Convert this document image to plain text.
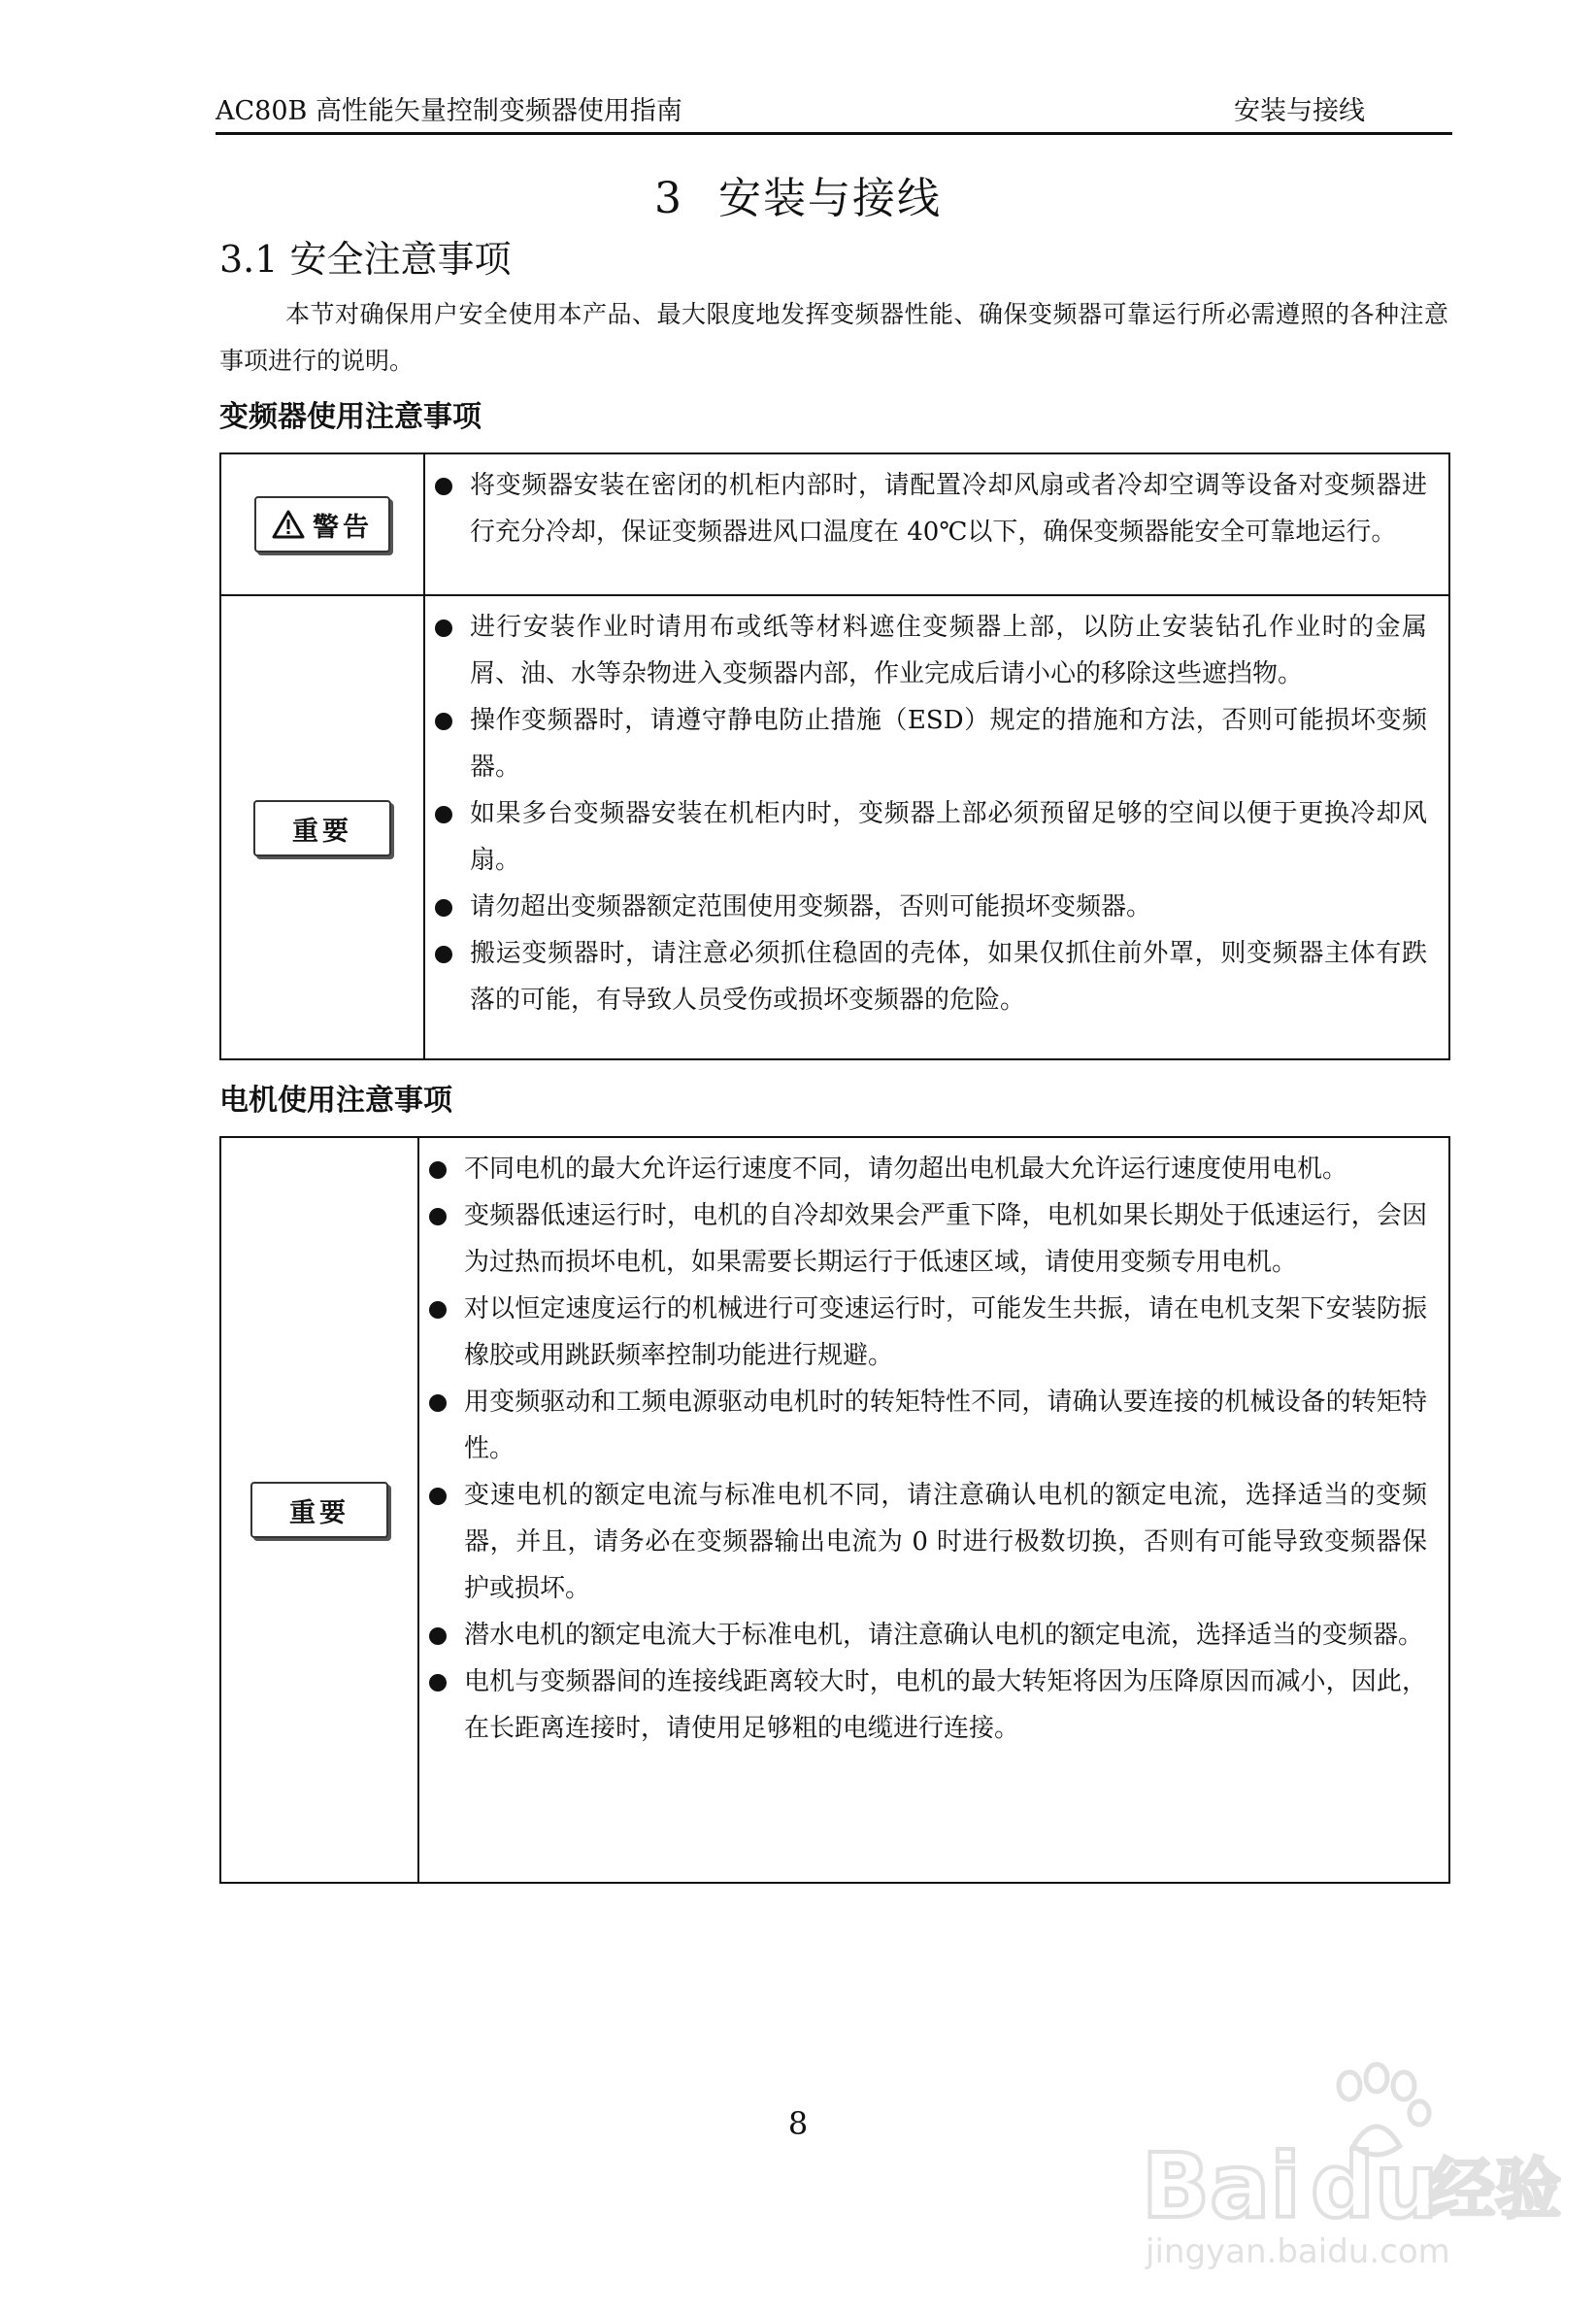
AC80B 高性能矢量控制变频器使用指南	安装与接线
3 安装与接线
3.1 安全注意事项

本节对确保用户安全使用本产品、最大限度地发挥变频器性能、确保变频器可靠运行所必需遵照的各种注意事项进行的说明。

变频器使用注意事项
警告
将变频器安装在密闭的机柜内部时，请配置冷却风扇或者冷却空调等设备对变频器进行充分冷却，保证变频器进风口温度在 40℃以下，确保变频器能安全可靠地运行。
重要
进行安装作业时请用布或纸等材料遮住变频器上部，以防止安装钻孔作业时的金属屑、油、水等杂物进入变频器内部，作业完成后请小心的移除这些遮挡物。
操作变频器时，请遵守静电防止措施（ESD）规定的措施和方法，否则可能损坏变频器。
如果多台变频器安装在机柜内时，变频器上部必须预留足够的空间以便于更换冷却风扇。
请勿超出变频器额定范围使用变频器，否则可能损坏变频器。
搬运变频器时，请注意必须抓住稳固的壳体，如果仅抓住前外罩，则变频器主体有跌落的可能，有导致人员受伤或损坏变频器的危险。
电机使用注意事项
重要
不同电机的最大允许运行速度不同，请勿超出电机最大允许运行速度使用电机。
变频器低速运行时，电机的自冷却效果会严重下降，电机如果长期处于低速运行，会因为过热而损坏电机，如果需要长期运行于低速区域，请使用变频专用电机。
对以恒定速度运行的机械进行可变速运行时，可能发生共振，请在电机支架下安装防振橡胶或用跳跃频率控制功能进行规避。
用变频驱动和工频电源驱动电机时的转矩特性不同，请确认要连接的机械设备的转矩特性。
变速电机的额定电流与标准电机不同，请注意确认电机的额定电流，选择适当的变频器，并且，请务必在变频器输出电流为 0 时进行极数切换，否则有可能导致变频器保护或损坏。
潜水电机的额定电流大于标准电机，请注意确认电机的额定电流，选择适当的变频器。
电机与变频器间的连接线距离较大时，电机的最大转矩将因为压降原因而减小，因此，在长距离连接时，请使用足够粗的电缆进行连接。
8
Bai du
经验
jingyan.baidu.com
